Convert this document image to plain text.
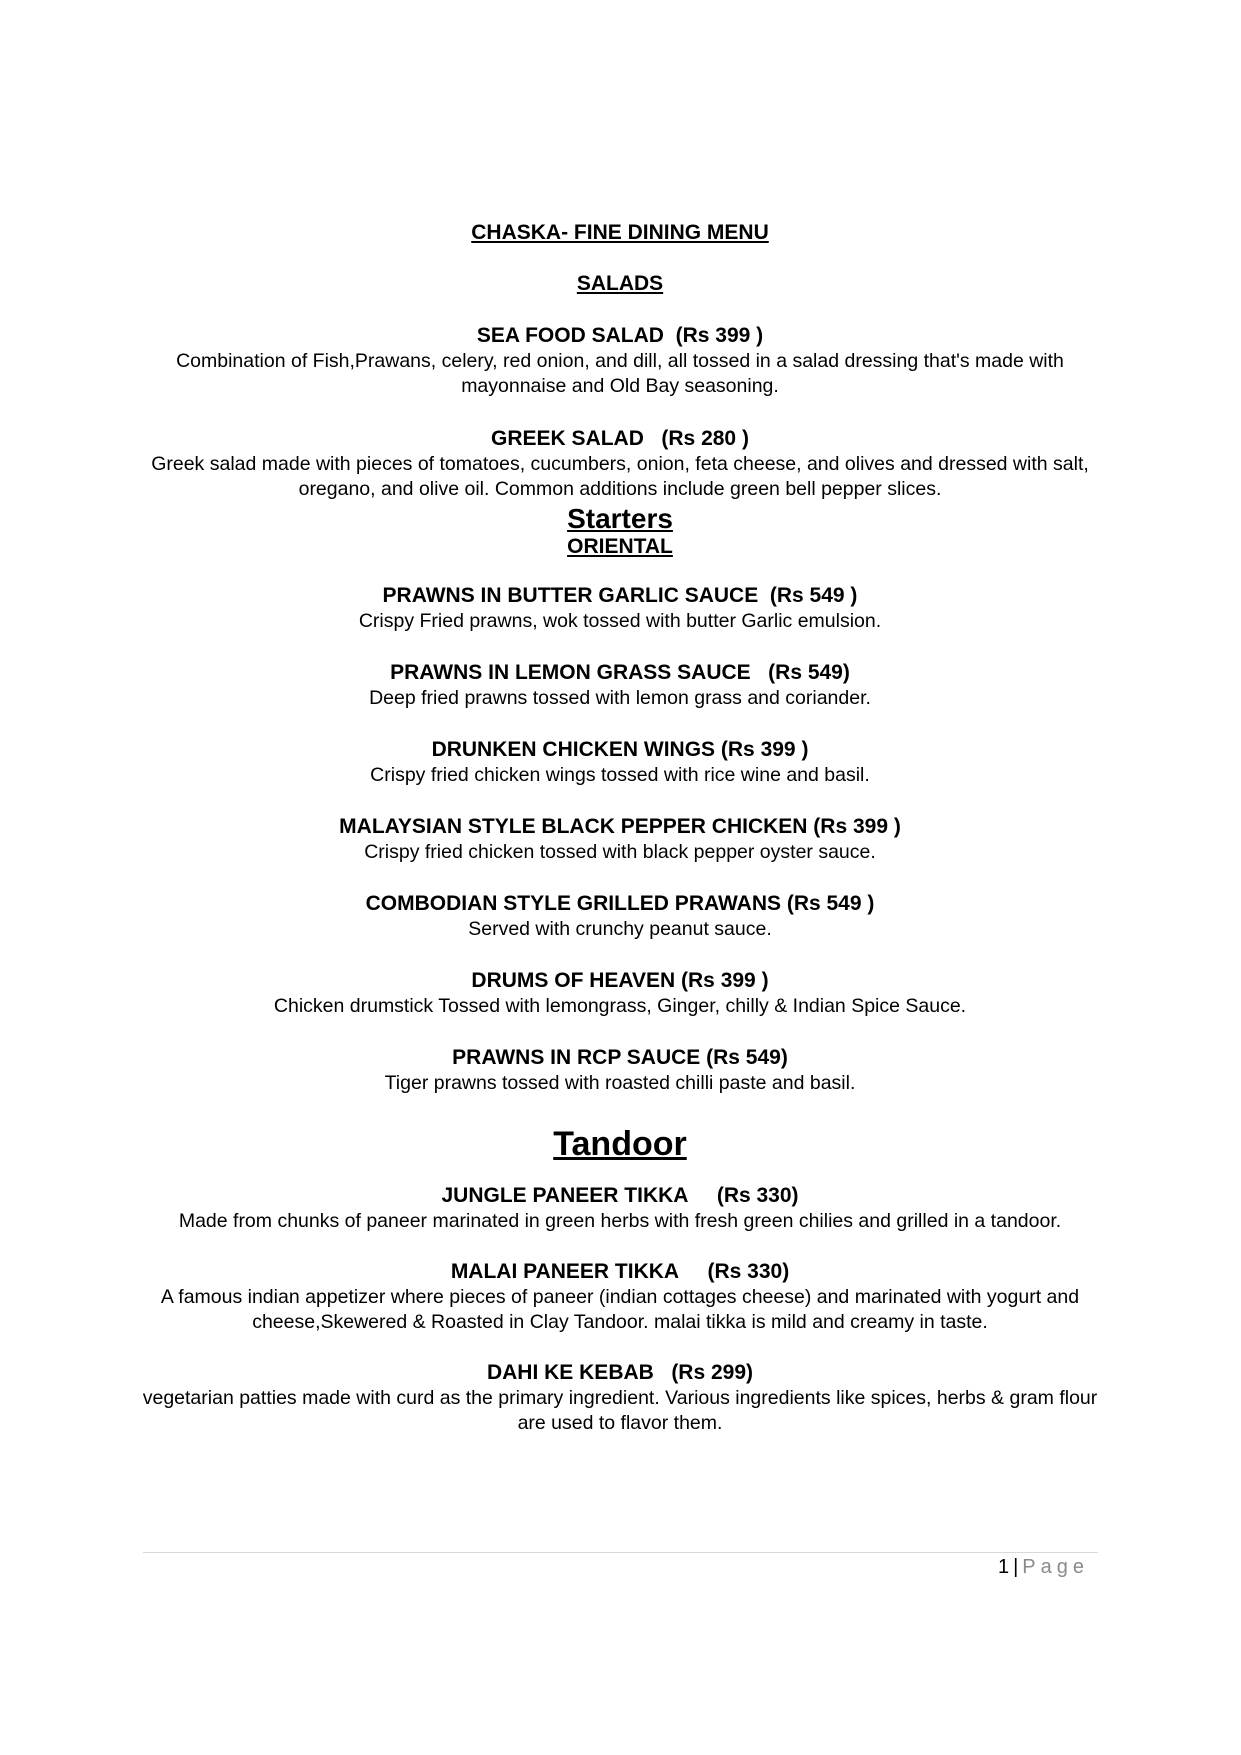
CHASKA- FINE DINING MENU
SALADS
SEA FOOD SALAD  (Rs 399 )
Combination of Fish,Prawans, celery, red onion, and dill, all tossed in a salad dressing that's made with mayonnaise and Old Bay seasoning.
GREEK SALAD   (Rs 280 )
Greek salad made with pieces of tomatoes, cucumbers, onion, feta cheese, and olives and dressed with salt, oregano, and olive oil. Common additions include green bell pepper slices.
Starters
ORIENTAL
PRAWNS IN BUTTER GARLIC SAUCE  (Rs 549 )
Crispy Fried prawns, wok tossed with butter Garlic emulsion.
PRAWNS IN LEMON GRASS SAUCE   (Rs 549)
Deep fried prawns tossed with lemon grass and coriander.
DRUNKEN CHICKEN WINGS (Rs 399 )
Crispy fried chicken wings tossed with rice wine and basil.
MALAYSIAN STYLE BLACK PEPPER CHICKEN (Rs 399 )
Crispy fried chicken tossed with black pepper oyster sauce.
COMBODIAN STYLE GRILLED PRAWANS (Rs 549 )
Served with crunchy peanut sauce.
DRUMS OF HEAVEN (Rs 399 )
Chicken drumstick Tossed with lemongrass, Ginger, chilly & Indian Spice Sauce.
PRAWNS IN RCP SAUCE (Rs 549)
Tiger prawns tossed with roasted chilli paste and basil.
Tandoor
JUNGLE PANEER TIKKA     (Rs 330)
Made from chunks of paneer marinated in green herbs with fresh green chilies and grilled in a tandoor.
MALAI PANEER TIKKA     (Rs 330)
A famous indian appetizer where pieces of paneer (indian cottages cheese) and marinated with yogurt and cheese,Skewered & Roasted in Clay Tandoor. malai tikka is mild and creamy in taste.
DAHI KE KEBAB   (Rs 299)
vegetarian patties made with curd as the primary ingredient. Various ingredients like spices, herbs & gram flour are used to flavor them.
1 | Page
